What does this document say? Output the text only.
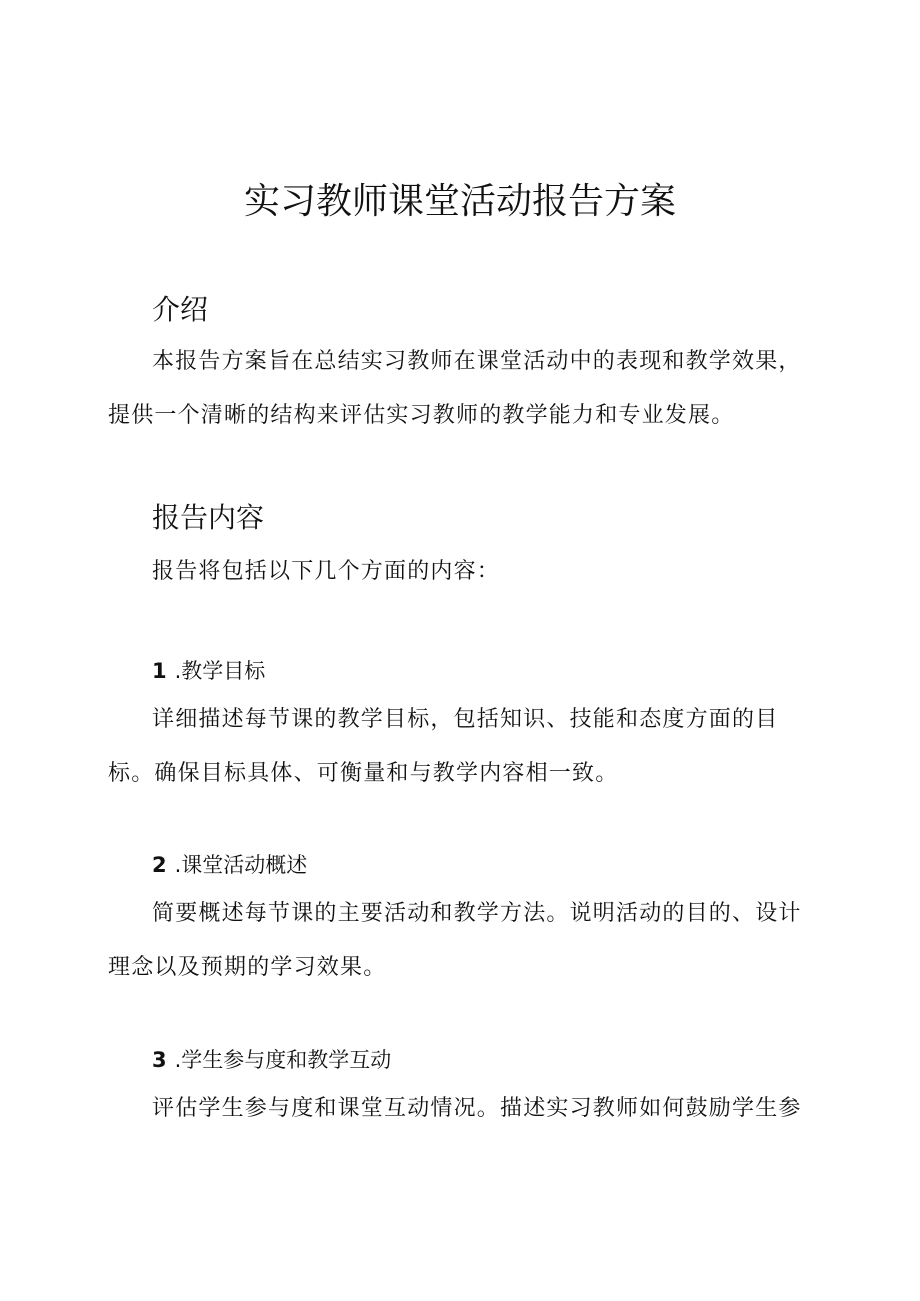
实习教师课堂活动报告方案
介绍

本报告方案旨在总结实习教师在课堂活动中的表现和教学效果，提供一个清晰的结构来评估实习教师的教学能力和专业发展。

报告内容

报告将包括以下几个方面的内容：

1 .教学目标

详细描述每节课的教学目标，包括知识、技能和态度方面的目标。确保目标具体、可衡量和与教学内容相一致。

2 .课堂活动概述

简要概述每节课的主要活动和教学方法。说明活动的目的、设计理念以及预期的学习效果。

3 .学生参与度和教学互动

评估学生参与度和课堂互动情况。描述实习教师如何鼓励学生参
